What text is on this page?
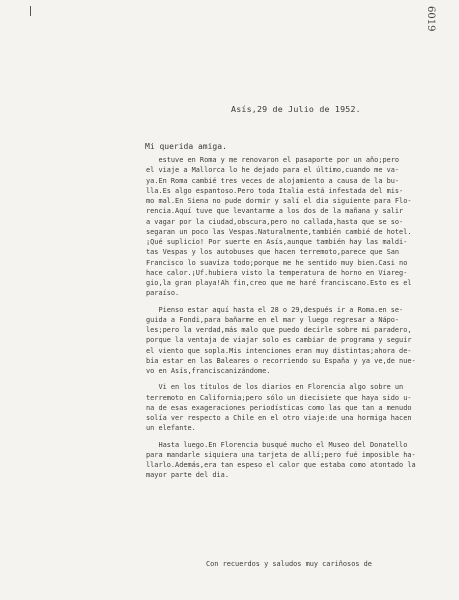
6019
Asís,29 de Julio de 1952.
Mi querida amiga.
estuve en Roma y me renovaron el pasaporte por un año;pero
el viaje a Mallorca lo he dejado para el último,cuando me va-
ya.En Roma cambié tres veces de alojamiento a causa de la bu-
lla.Es algo espantoso.Pero toda Italia está infestada del mis-
mo mal.En Siena no pude dormir y salí el dia siguiente para Flo-
rencia.Aquí tuve que levantarme a los dos de la mañana y salir
a vagar por la ciudad,obscura,pero no callada,hasta que se so-
segaran un poco las Vespas.Naturalmente,también cambié de hotel.
¡Qué suplicio! Por suerte en Asís,aunque también hay las maldi-
tas Vespas y los autobuses que hacen terremoto,parece que San
Francisco lo suaviza todo;porque me he sentido muy bien.Casi no
hace calor.¡Uf.hubiera visto la temperatura de horno en Viareg-
gio,la gran playa!Ah fin,creo que me haré franciscano.Esto es el
paraíso.
Pienso estar aquí hasta el 28 o 29,después ir a Roma.en se-
guida a Fondi,para bañarme en el mar y luego regresar a Nápo-
les;pero la verdad,más malo que puedo decirle sobre mi paradero,
porque la ventaja de viajar solo es cambiar de programa y seguir
el viento que sopla.Mis intenciones eran muy distintas;ahora de-
bía estar en las Baleares o recorriendo su España y ya ve,de nue-
vo en Asís,franciscanizándome.
Vi en los títulos de los diarios en Florencia algo sobre un
terremoto en California;pero sólo un diecisiete que haya sido u-
na de esas exageraciones periodísticas como las que tan a menudo
solía ver respecto a Chile en el otro viaje:de una hormiga hacen
un elefante.
Hasta luego.En Florencia busqué mucho el Museo del Donatello
para mandarle siquiera una tarjeta de allí;pero fué imposible ha-
llarlo.Además,era tan espeso el calor que estaba como atontado la
mayor parte del dia.
Con recuerdos y saludos muy cariñosos de
